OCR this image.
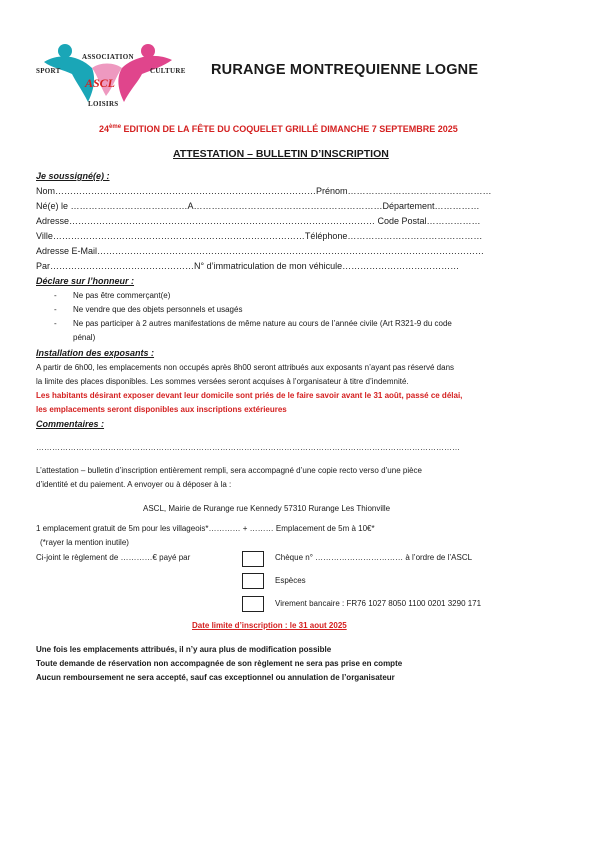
ASSOCIATION
SPORT	CULTURE
ASCL
LOISIRS
RURANGE MONTREQUIENNE LOGNE
24ème EDITION DE LA FÊTE DU COQUELET GRILLÉ DIMANCHE 7 SEPTEMBRE 2025
ATTESTATION – BULLETIN D’INSCRIPTION
Je soussigné(e) :
Nom……………………………………………………………………………Prénom…………………………………………
Né(e) le …………………………………A………………………………………………………Département……………
Adresse………………………………………………………………………………………… Code Postal………………
Ville…………………………………………………………………………Téléphone………………………………………
Adresse E-Mail…………………………………………………………………………………………………………………
Par…………………………………………N° d’immatriculation de mon véhicule…………………………………
Déclare sur l’honneur :
- Ne pas être commerçant(e)
- Ne vendre que des objets personnels et usagés
- Ne pas participer à 2 autres manifestations de même nature au cours de l’année civile (Art R321-9 du code
pénal)
Installation des exposants :
A partir de 6h00, les emplacements non occupés après 8h00 seront attribués aux exposants n’ayant pas réservé dans
la limite des places disponibles. Les sommes versées seront acquises à l’organisateur à titre d’indemnité.
Les habitants désirant exposer devant leur domicile sont priés de le faire savoir avant le 31 août, passé ce délai,
les emplacements seront disponibles aux inscriptions extérieures
Commentaires :
……………………………………………………………………………………………………………………………………………
L’attestation – bulletin d’inscription entièrement rempli, sera accompagné d’une copie recto verso d’une pièce
d’identité et du paiement. A envoyer ou à déposer à la :
ASCL, Mairie de Rurange rue Kennedy 57310 Rurange Les Thionville
1 emplacement gratuit de 5m pour les villageois*………… + ……… Emplacement de 5m à 10€*
(*rayer la mention inutile)
Ci-joint le règlement de …………€ payé par	Chèque n° …………………………… à l’ordre de l’ASCL
Espèces
Virement bancaire : FR76 1027 8050 1100 0201 3290 171
Date limite d’inscription : le 31 aout 2025
Une fois les emplacements attribués, il n’y aura plus de modification possible
Toute demande de réservation non accompagnée de son règlement ne sera pas prise en compte
Aucun remboursement ne sera accepté, sauf cas exceptionnel ou annulation de l’organisateur
